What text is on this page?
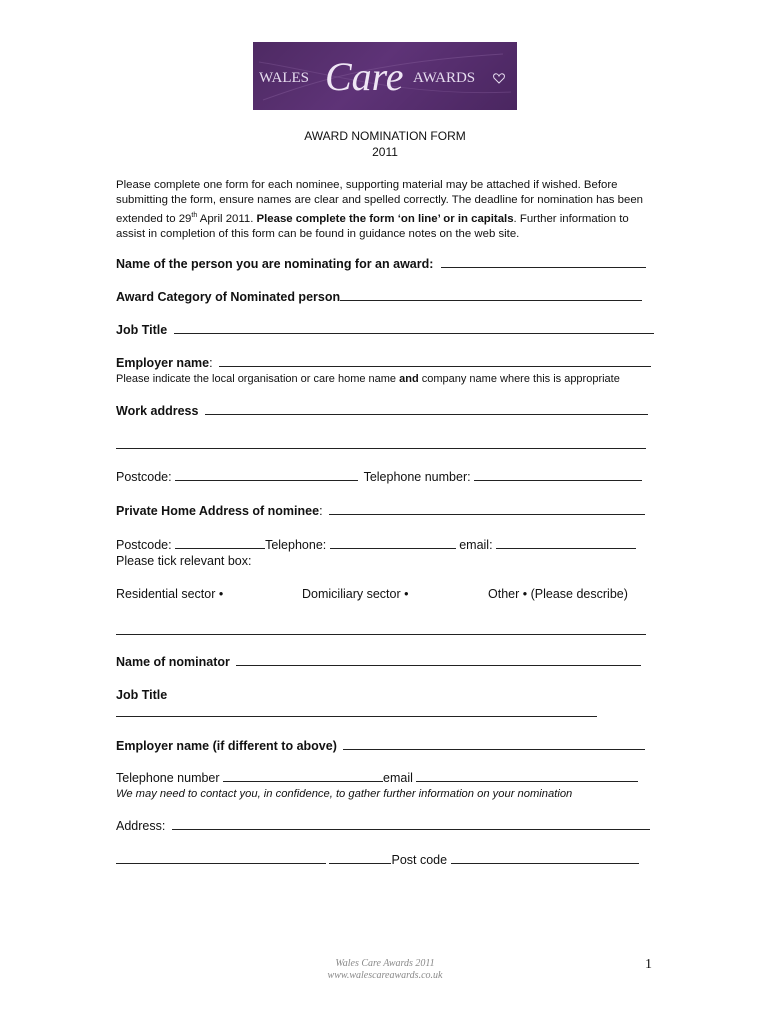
WALES Care AWARDS
AWARD NOMINATION FORM
2011
Please complete one form for each nominee, supporting material may be attached if wished. Before submitting the form, ensure names are clear and spelled correctly. The deadline for nomination has been extended to 29th April 2011. Please complete the form ‘on line’ or in capitals. Further information to assist in completion of this form can be found in guidance notes on the web site.
Name of the person you are nominating for an award:
Award Category of Nominated person
Job Title
Employer name:
Please indicate the local organisation or care home name and company name where this is appropriate
Work address
Postcode:	Telephone number:
Private Home Address of nominee:
Postcode:	Telephone:	email:
Please tick relevant box:
Residential sector •	Domiciliary sector •	Other • (Please describe)
Name of nominator
Job Title
Employer name (if different to above)
Telephone number	email
We may need to contact you, in confidence, to gather further information on your nomination
Address:
Post code
Wales Care Awards 2011
www.walescareawards.co.uk
1
